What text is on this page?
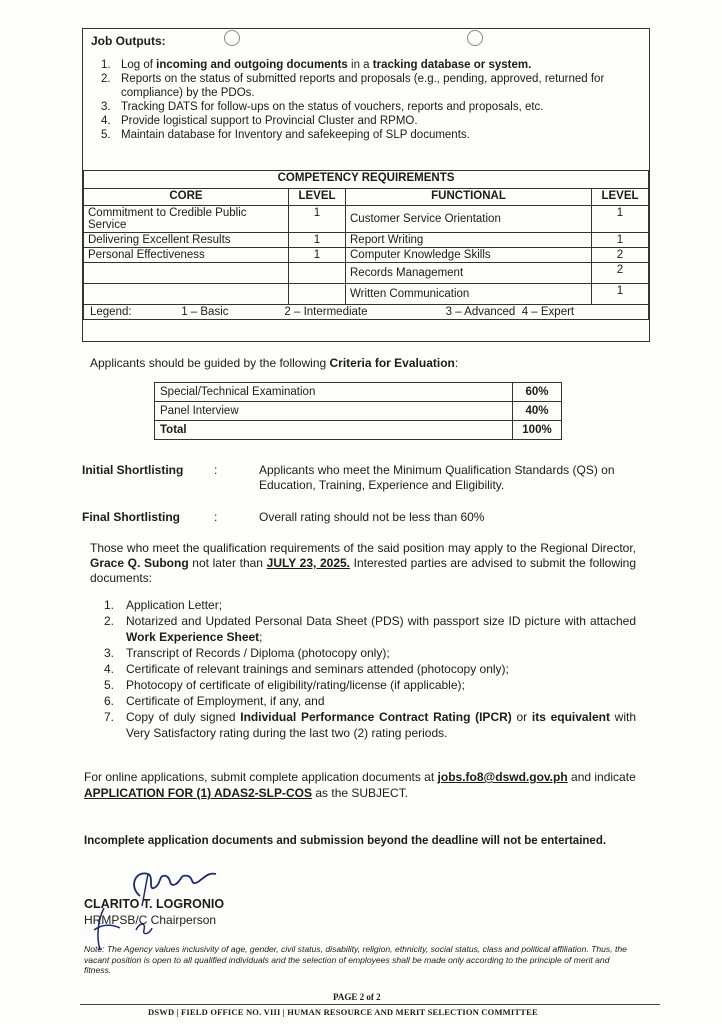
Job Outputs:
1. Log of incoming and outgoing documents in a tracking database or system.
2. Reports on the status of submitted reports and proposals (e.g., pending, approved, returned for compliance) by the PDOs.
3. Tracking DATS for follow-ups on the status of vouchers, reports and proposals, etc.
4. Provide logistical support to Provincial Cluster and RPMO.
5. Maintain database for Inventory and safekeeping of SLP documents.
COMPETENCY REQUIREMENTS			
CORE	LEVEL	FUNCTIONAL	LEVEL
Commitment to Credible Public Service	1	Customer Service Orientation	1
Delivering Excellent Results	1	Report Writing	1
Personal Effectiveness	1	Computer Knowledge Skills	2
		Records Management	2
		Written Communication	1
Legend: 1 – Basic 2 – Intermediate 3 – Advanced  4 – Expert			
Applicants should be guided by the following Criteria for Evaluation:
Special/Technical Examination	60%
Panel Interview	40%
Total	100%
Initial Shortlisting	:	Applicants who meet the Minimum Qualification Standards (QS) on Education, Training, Experience and Eligibility.
Final Shortlisting	:	Overall rating should not be less than 60%
Those who meet the qualification requirements of the said position may apply to the Regional Director, Grace Q. Subong not later than JULY 23, 2025. Interested parties are advised to submit the following documents:
1. Application Letter;
2. Notarized and Updated Personal Data Sheet (PDS) with passport size ID picture with attached Work Experience Sheet;
3. Transcript of Records / Diploma (photocopy only);
4. Certificate of relevant trainings and seminars attended (photocopy only);
5. Photocopy of certificate of eligibility/rating/license (if applicable);
6. Certificate of Employment, if any, and
7. Copy of duly signed Individual Performance Contract Rating (IPCR) or its equivalent with Very Satisfactory rating during the last two (2) rating periods.
For online applications, submit complete application documents at jobs.fo8@dswd.gov.ph and indicate APPLICATION FOR (1) ADAS2-SLP-COS as the SUBJECT.
Incomplete application documents and submission beyond the deadline will not be entertained.
CLARITO T. LOGRONIO
HRMPSB/C Chairperson
Note: The Agency values inclusivity of age, gender, civil status, disability, religion, ethnicity, social status, class and political affiliation. Thus, the vacant position is open to all qualified individuals and the selection of employees shall be made only according to the principle of merit and fitness.
PAGE 2 of 2
DSWD | FIELD OFFICE NO. VIII | HUMAN RESOURCE AND MERIT SELECTION COMMITTEE
